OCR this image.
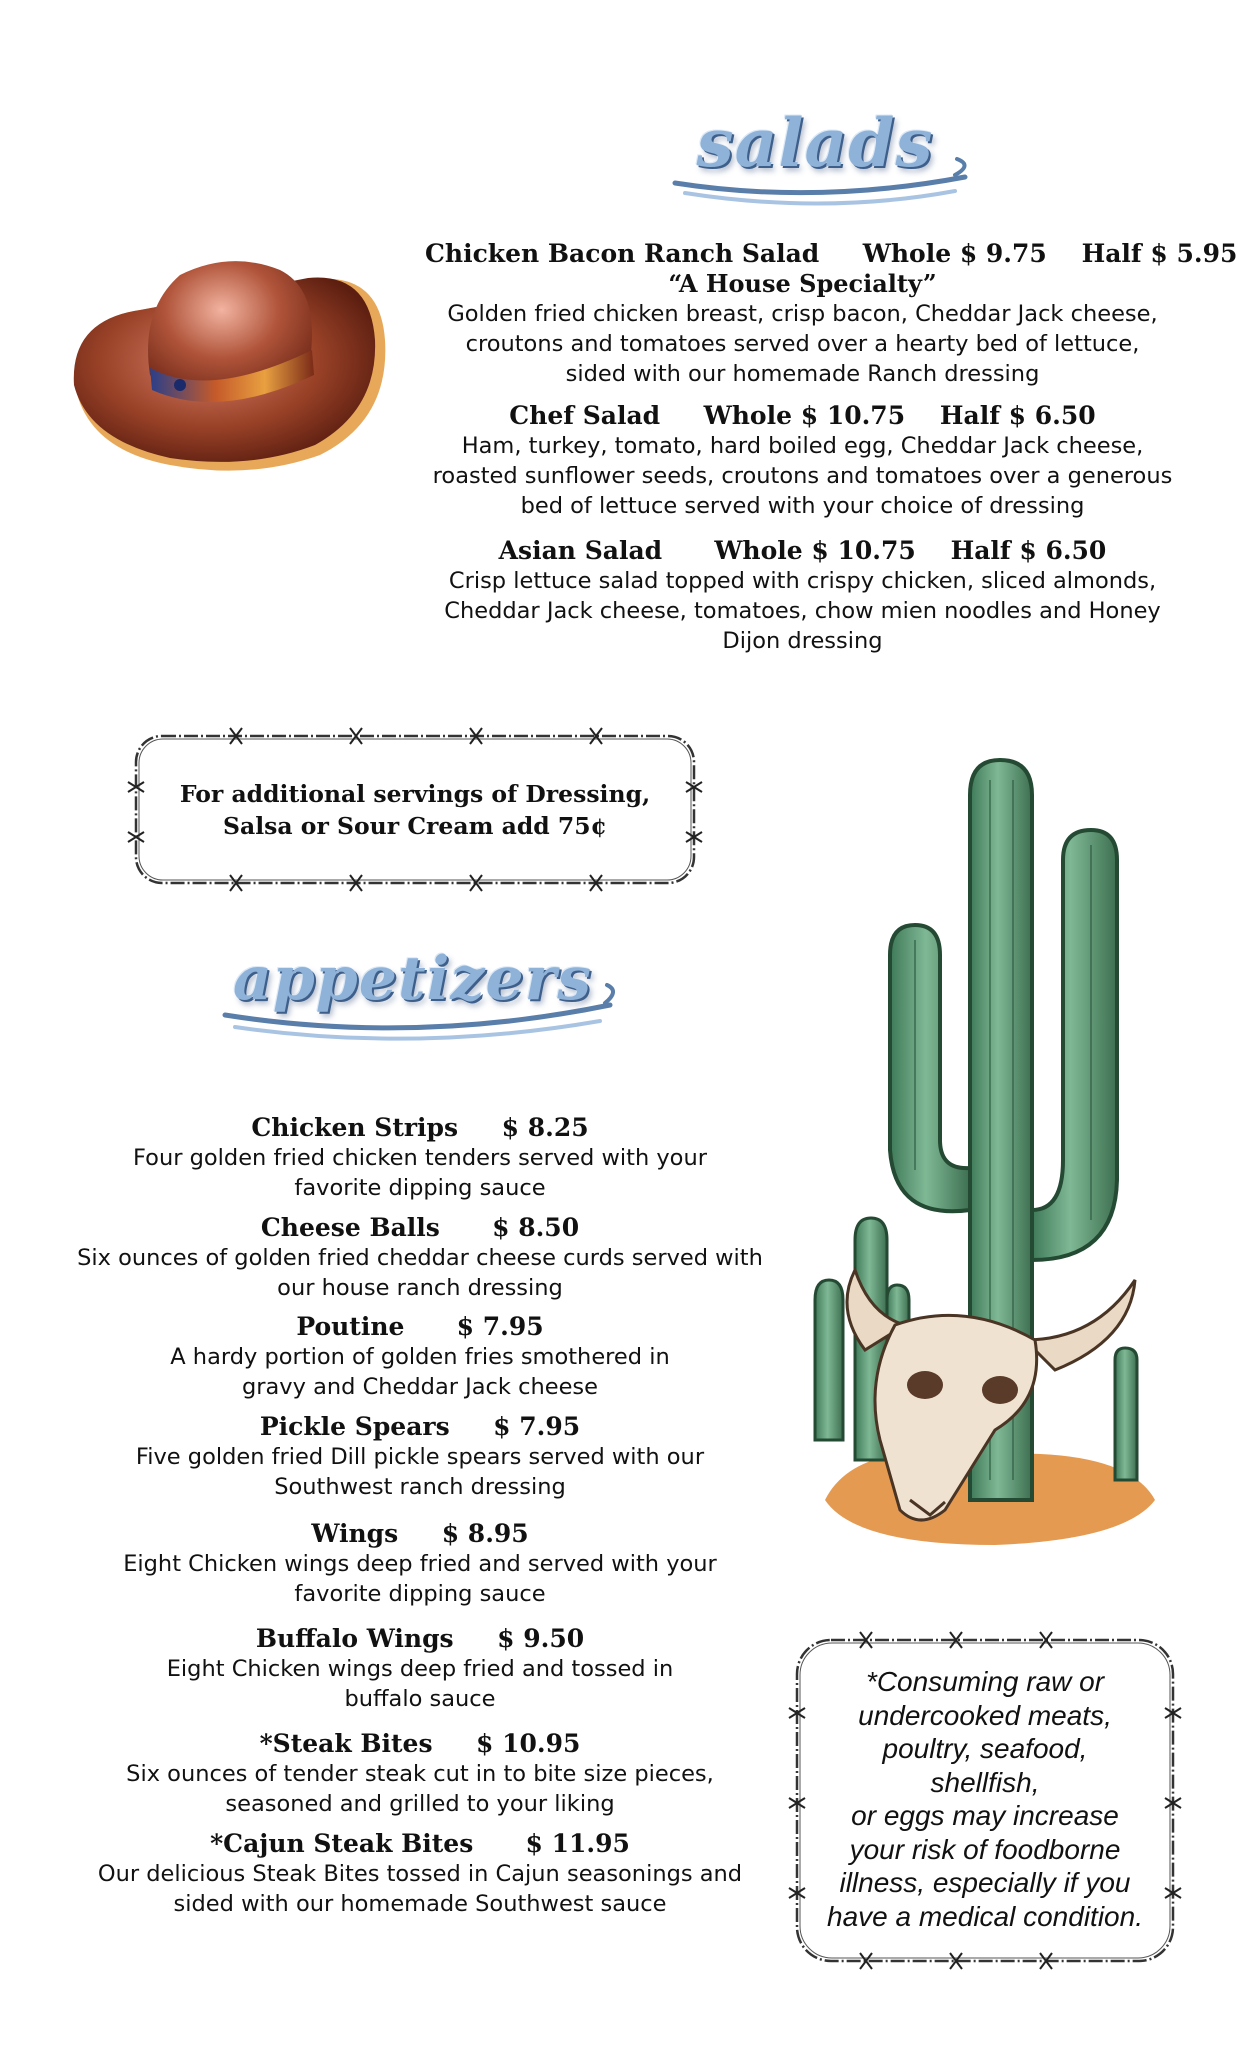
salads
Chicken Bacon Ranch Salad     Whole $ 9.75    Half $ 5.95
“A House Specialty”
Golden fried chicken breast, crisp bacon, Cheddar Jack cheese, croutons and tomatoes served over a hearty bed of lettuce, sided with our homemade Ranch dressing
Chef Salad     Whole $ 10.75    Half $ 6.50
Ham, turkey, tomato, hard boiled egg, Cheddar Jack cheese, roasted sunflower seeds, croutons and tomatoes over a generous bed of lettuce served with your choice of dressing
Asian Salad      Whole $ 10.75    Half $ 6.50
Crisp lettuce salad topped with crispy chicken, sliced almonds, Cheddar Jack cheese, tomatoes, chow mien noodles and Honey Dijon dressing
For additional servings of Dressing,
Salsa or Sour Cream add 75¢
appetizers
Chicken Strips     $ 8.25
Four golden fried chicken tenders served with your favorite dipping sauce
Cheese Balls      $ 8.50
Six ounces of golden fried cheddar cheese curds served with our house ranch dressing
Poutine      $ 7.95
A hardy portion of golden fries smothered in gravy and Cheddar Jack cheese
Pickle Spears     $ 7.95
Five golden fried Dill pickle spears served with our Southwest ranch dressing
Wings     $ 8.95
Eight Chicken wings deep fried and served with your favorite dipping sauce
Buffalo Wings     $ 9.50
Eight Chicken wings deep fried and tossed in buffalo sauce
*Steak Bites     $ 10.95
Six ounces of tender steak cut in to bite size pieces, seasoned and grilled to your liking
*Cajun Steak Bites      $ 11.95
Our delicious Steak Bites tossed in Cajun seasonings and sided with our homemade Southwest sauce
*Consuming raw or
undercooked meats,
poultry, seafood,
shellfish,
or eggs may increase
your risk of foodborne
illness, especially if you
have a medical condition.
